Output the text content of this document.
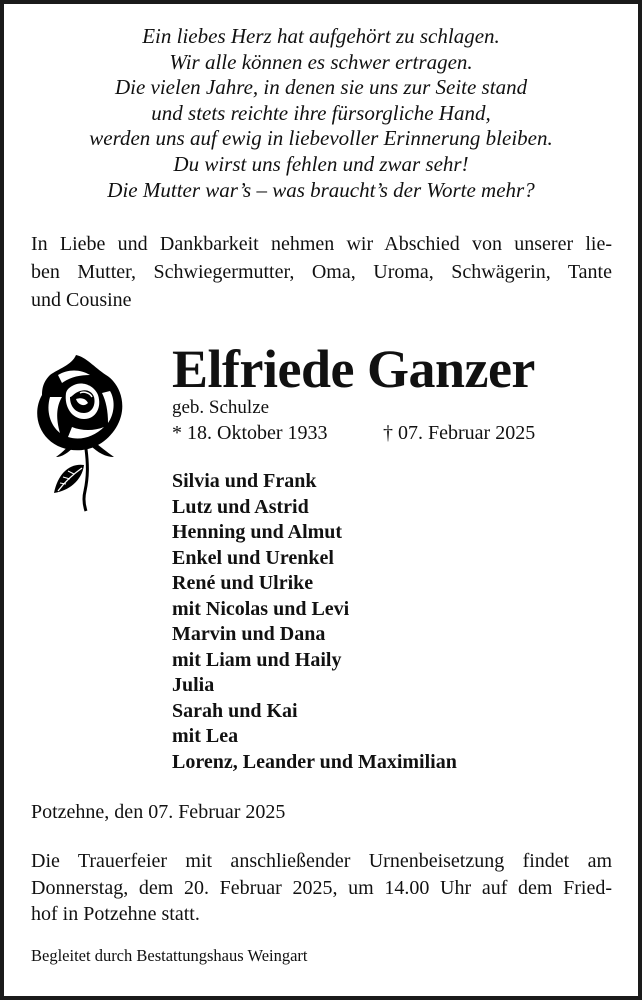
Ein liebes Herz hat aufgehört zu schlagen.
Wir alle können es schwer ertragen.
Die vielen Jahre, in denen sie uns zur Seite stand
und stets reichte ihre fürsorgliche Hand,
werden uns auf ewig in liebevoller Erinnerung bleiben.
Du wirst uns fehlen und zwar sehr!
Die Mutter war’s – was braucht’s der Worte mehr?
In Liebe und Dankbarkeit nehmen wir Abschied von unserer lie-
ben Mutter, Schwiegermutter, Oma, Uroma, Schwägerin, Tante
und Cousine
Elfriede Ganzer
geb. Schulze
* 18. Oktober 1933	† 07. Februar 2025
Silvia und Frank
Lutz und Astrid
Henning und Almut
Enkel und Urenkel
René und Ulrike
mit Nicolas und Levi
Marvin und Dana
mit Liam und Haily
Julia
Sarah und Kai
mit Lea
Lorenz, Leander und Maximilian
Potzehne, den 07. Februar 2025
Die Trauerfeier mit anschließender Urnenbeisetzung findet am
Donnerstag, dem 20. Februar 2025, um 14.00 Uhr auf dem Fried-
hof in Potzehne statt.
Begleitet durch Bestattungshaus Weingart
